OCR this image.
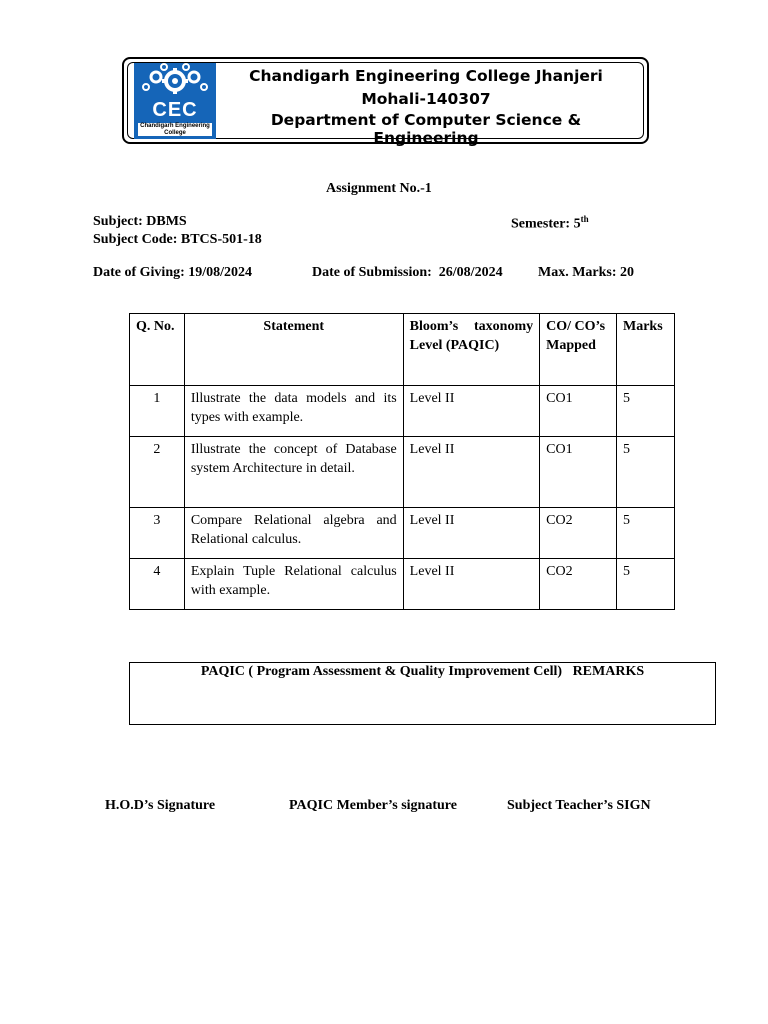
CEC
Chandigarh Engineering College
Chandigarh Engineering College Jhanjeri
Mohali-140307
Department of Computer Science & Engineering
Assignment No.-1
Subject: DBMS	Semester: 5th
Subject Code: BTCS-501-18
Date of Giving: 19/08/2024	Date of Submission:  26/08/2024	Max. Marks: 20
Q. No.	Statement	Bloom’s taxonomy Level (PAQIC)	CO/ CO’s Mapped	Marks
1	Illustrate the data models and its types with example.	Level II	CO1	5
2	Illustrate the concept of Database system Architecture in detail.	Level II	CO1	5
3	Compare Relational algebra and Relational calculus.	Level II	CO2	5
4	Explain Tuple Relational calculus with example.	Level II	CO2	5
PAQIC ( Program Assessment & Quality Improvement Cell)   REMARKS
H.O.D’s Signature	PAQIC Member’s signature	Subject Teacher’s SIGN
